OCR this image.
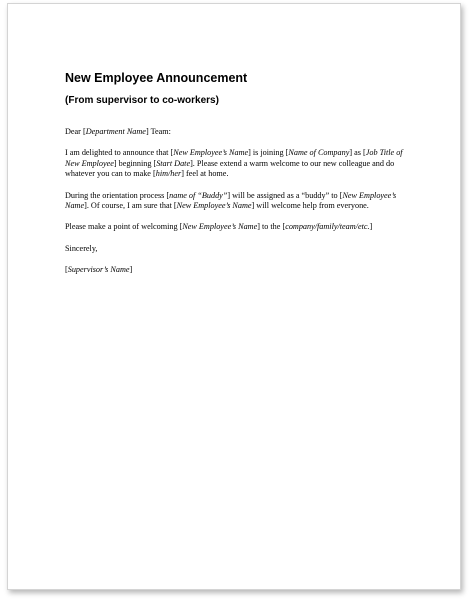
New Employee Announcement
(From supervisor to co-workers)

Dear [Department Name] Team:

I am delighted to announce that [New Employee’s Name] is joining [Name of Company] as [Job Title of
New Employee] beginning [Start Date]. Please extend a warm welcome to our new colleague and do
whatever you can to make [him/her] feel at home.

During the orientation process [name of “Buddy”] will be assigned as a “buddy” to [New Employee’s
Name]. Of course, I am sure that [New Employee’s Name] will welcome help from everyone.

Please make a point of welcoming [New Employee’s Name] to the [company/family/team/etc.]

Sincerely,

[Supervisor’s Name]
